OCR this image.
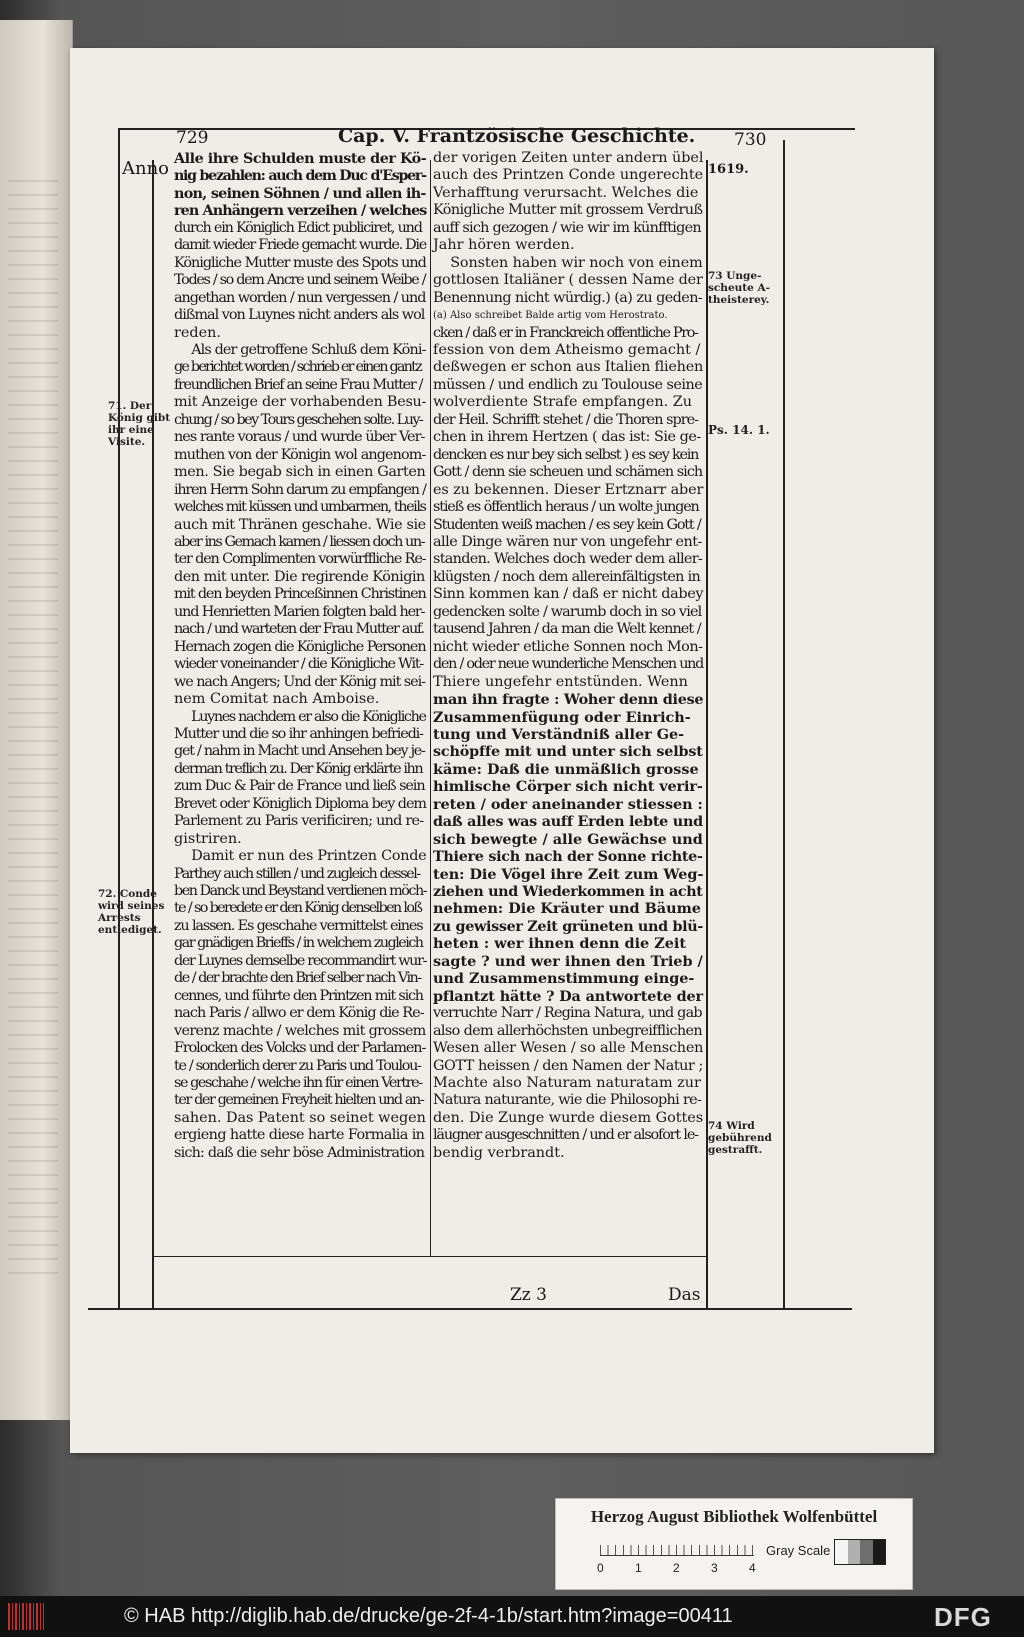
729	Cap. V. Frantzösische Geschichte. 730
Anno	1619.
71. Der
König gibt
ihr eine
Visite.
72. Conde
wird seines
Arrests
entlediget.
73 Unge-
scheute A-
theisterey.
Ps. 14. 1.
74 Wird
gebührend
gestrafft.

Alle ihre Schulden muste der Kö-

nig bezahlen: auch dem Duc d'Esper-

non, seinen Söhnen / und allen ih-

ren Anhängern verzeihen / welches

durch ein Königlich Edict publiciret, und

damit wieder Friede gemacht wurde. Die

Königliche Mutter muste des Spots und

Todes / so dem Ancre und seinem Weibe /

angethan worden / nun vergessen / und

dißmal von Luynes nicht anders als wol

reden.

Als der getroffene Schluß dem Köni-

ge berichtet worden / schrieb er einen gantz

freundlichen Brief an seine Frau Mutter /

mit Anzeige der vorhabenden Besu-

chung / so bey Tours geschehen solte. Luy-

nes rante voraus / und wurde über Ver-

muthen von der Königin wol angenom-

men. Sie begab sich in einen Garten

ihren Herrn Sohn darum zu empfangen /

welches mit küssen und umbarmen, theils

auch mit Thränen geschahe. Wie sie

aber ins Gemach kamen / liessen doch un-

ter den Complimenten vorwürffliche Re-

den mit unter. Die regirende Königin

mit den beyden Princeßinnen Christinen

und Henrietten Marien folgten bald her-

nach / und warteten der Frau Mutter auf.

Hernach zogen die Königliche Personen

wieder voneinander / die Königliche Wit-

we nach Angers; Und der König mit sei-

nem Comitat nach Amboise.

Luynes nachdem er also die Königliche

Mutter und die so ihr anhingen befriedi-

get / nahm in Macht und Ansehen bey je-

derman treflich zu. Der König erklärte ihn

zum Duc & Pair de France und ließ sein

Brevet oder Königlich Diploma bey dem

Parlement zu Paris verificiren; und re-

gistriren.

Damit er nun des Printzen Conde

Parthey auch stillen / und zugleich dessel-

ben Danck und Beystand verdienen möch-

te / so beredete er den König denselben loß

zu lassen. Es geschahe vermittelst eines

gar gnädigen Brieffs / in welchem zugleich

der Luynes demselbe recommandirt wur-

de / der brachte den Brief selber nach Vin-

cennes, und führte den Printzen mit sich

nach Paris / allwo er dem König die Re-

verenz machte / welches mit grossem

Frolocken des Volcks und der Parlamen-

te / sonderlich derer zu Paris und Toulou-

se geschahe / welche ihn für einen Vertre-

ter der gemeinen Freyheit hielten und an-

sahen. Das Patent so seinet wegen

ergieng hatte diese harte Formalia in

sich: daß die sehr böse Administration

der vorigen Zeiten unter andern übel

auch des Printzen Conde ungerechte

Verhafftung verursacht. Welches die

Königliche Mutter mit grossem Verdruß

auff sich gezogen / wie wir im künfftigen

Jahr hören werden.

Sonsten haben wir noch von einem

gottlosen Italiäner ( dessen Name der

Benennung nicht würdig.) (a) zu geden-

(a) Also schreibet Balde artig vom Herostrato.

cken / daß er in Franckreich offentliche Pro-

fession von dem Atheismo gemacht /

deßwegen er schon aus Italien fliehen

müssen / und endlich zu Toulouse seine

wolverdiente Strafe empfangen. Zu

der Heil. Schrifft stehet / die Thoren spre-

chen in ihrem Hertzen ( das ist: Sie ge-

dencken es nur bey sich selbst ) es sey kein

Gott / denn sie scheuen und schämen sich

es zu bekennen. Dieser Ertznarr aber

stieß es öffentlich heraus / un wolte jungen

Studenten weiß machen / es sey kein Gott /

alle Dinge wären nur von ungefehr ent-

standen. Welches doch weder dem aller-

klügsten / noch dem allereinfältigsten in

Sinn kommen kan / daß er nicht dabey

gedencken solte / warumb doch in so viel

tausend Jahren / da man die Welt kennet /

nicht wieder etliche Sonnen noch Mon-

den / oder neue wunderliche Menschen und

Thiere ungefehr entstünden. Wenn

man ihn fragte : Woher denn diese

Zusammenfügung oder Einrich-

tung und Verständniß aller Ge-

schöpffe mit und unter sich selbst

käme: Daß die unmäßlich grosse

himlische Cörper sich nicht verir-

reten / oder aneinander stiessen :

daß alles was auff Erden lebte und

sich bewegte / alle Gewächse und

Thiere sich nach der Sonne richte-

ten: Die Vögel ihre Zeit zum Weg-

ziehen und Wiederkommen in acht

nehmen: Die Kräuter und Bäume

zu gewisser Zeit grüneten und blü-

heten : wer ihnen denn die Zeit

sagte ? und wer ihnen den Trieb /

und Zusammenstimmung einge-

pflantzt hätte ? Da antwortete der

verruchte Narr / Regina Natura, und gab

also dem allerhöchsten unbegreifflichen

Wesen aller Wesen / so alle Menschen

GOTT heissen / den Namen der Natur ;

Machte also Naturam naturatam zur

Natura naturante, wie die Philosophi re-

den. Die Zunge wurde diesem Gottes

läugner ausgeschnitten / und er alsofort le-

bendig verbrandt.

Zz 3	Das
Herzog August Bibliothek Wolfenbüttel
0	1	2	3	4
Gray Scale
© HAB http://diglib.hab.de/drucke/ge-2f-4-1b/start.htm?image=00411	DFG
